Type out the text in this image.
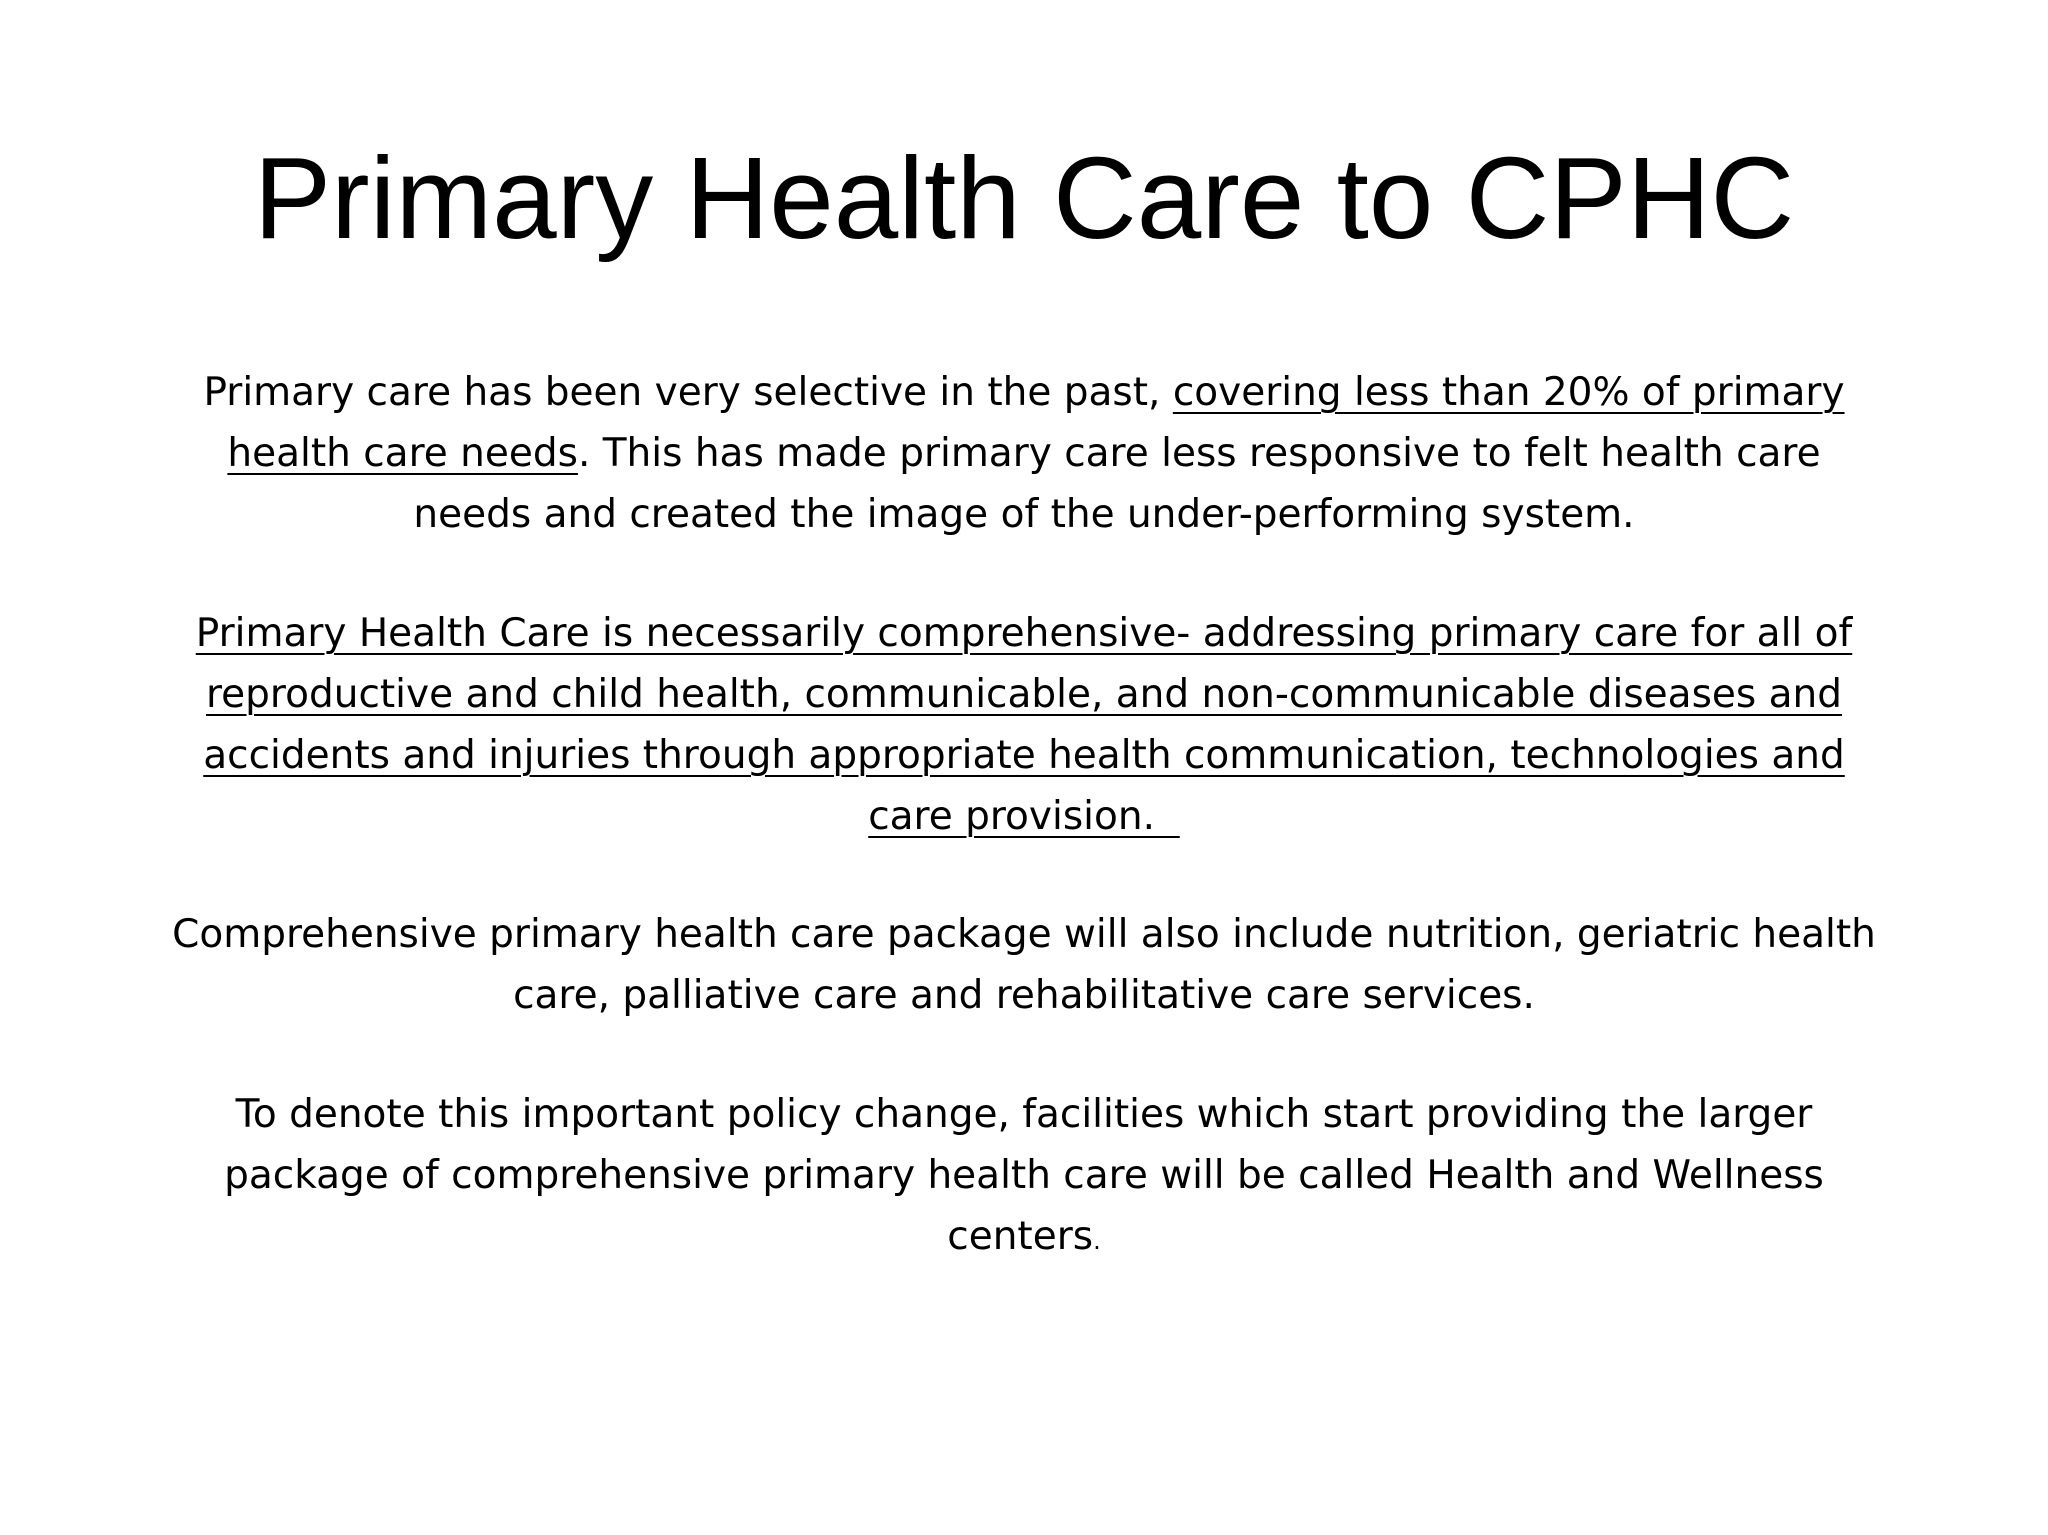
Primary Health Care to CPHC

Primary care has been very selective in the past, covering less than 20% of primary
health care needs. This has made primary care less responsive to felt health care
needs and created the image of the under-performing system.

Primary Health Care is necessarily comprehensive- addressing primary care for all of
reproductive and child health, communicable, and non-communicable diseases and
accidents and injuries through appropriate health communication, technologies and
care provision.

Comprehensive primary health care package will also include nutrition, geriatric health
care, palliative care and rehabilitative care services.

To denote this important policy change, facilities which start providing the larger
package of comprehensive primary health care will be called Health and Wellness
centers.
